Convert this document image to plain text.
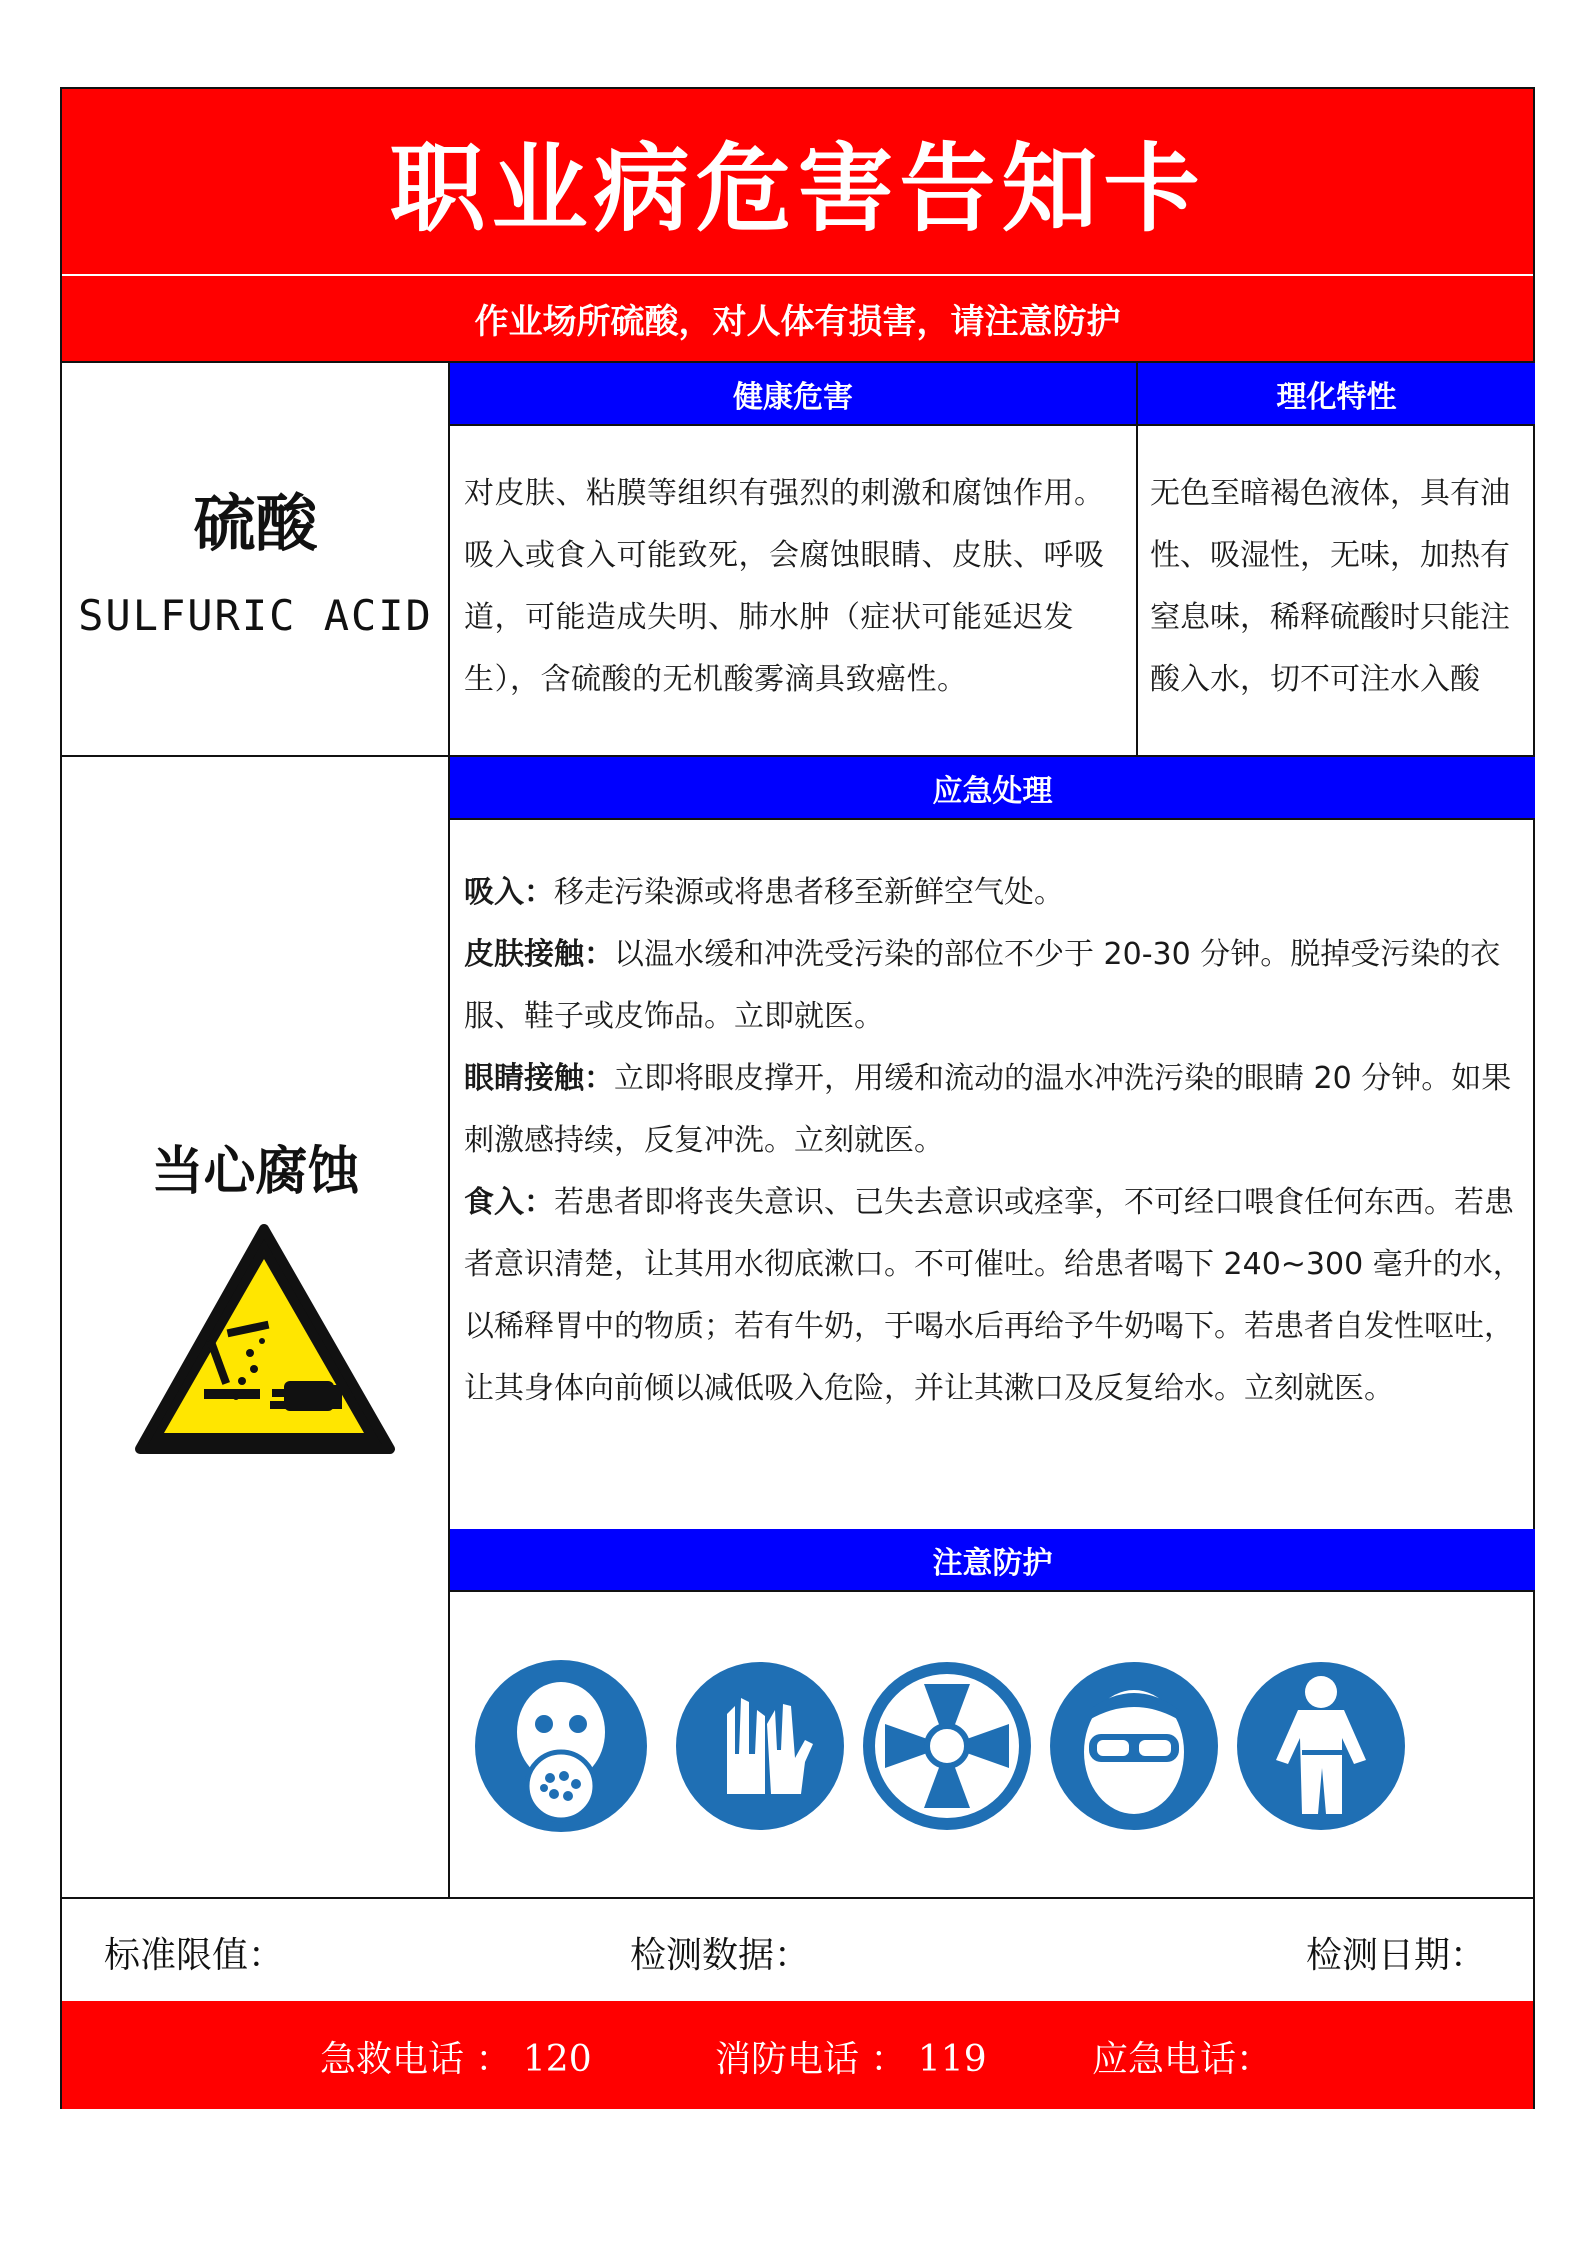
职业病危害告知卡
作业场所硫酸，对人体有损害，请注意防护
硫酸
SULFURIC ACID
健康危害	理化特性
对皮肤、粘膜等组织有强烈的刺激和腐蚀作用。吸入或食入可能致死，会腐蚀眼睛、皮肤、呼吸道，可能造成失明、肺水肿（症状可能延迟发生），含硫酸的无机酸雾滴具致癌性。
无色至暗褐色液体，具有油性、吸湿性，无味，加热有窒息味，稀释硫酸时只能注酸入水，切不可注水入酸
应急处理
吸入：移走污染源或将患者移至新鲜空气处。
皮肤接触：以温水缓和冲洗受污染的部位不少于 20-30 分钟。脱掉受污染的衣服、鞋子或皮饰品。立即就医。
眼睛接触：立即将眼皮撑开，用缓和流动的温水冲洗污染的眼睛 20 分钟。如果刺激感持续，反复冲洗。立刻就医。
食入：若患者即将丧失意识、已失去意识或痉挛，不可经口喂食任何东西。若患者意识清楚，让其用水彻底漱口。不可催吐。给患者喝下 240~300 毫升的水，以稀释胃中的物质；若有牛奶，于喝水后再给予牛奶喝下。若患者自发性呕吐，让其身体向前倾以减低吸入危险，并让其漱口及反复给水。立刻就医。
注意防护
当心腐蚀
标准限值：	检测数据：	检测日期：
急救电话 ： 120	消防电话 ： 119	应急电话：
